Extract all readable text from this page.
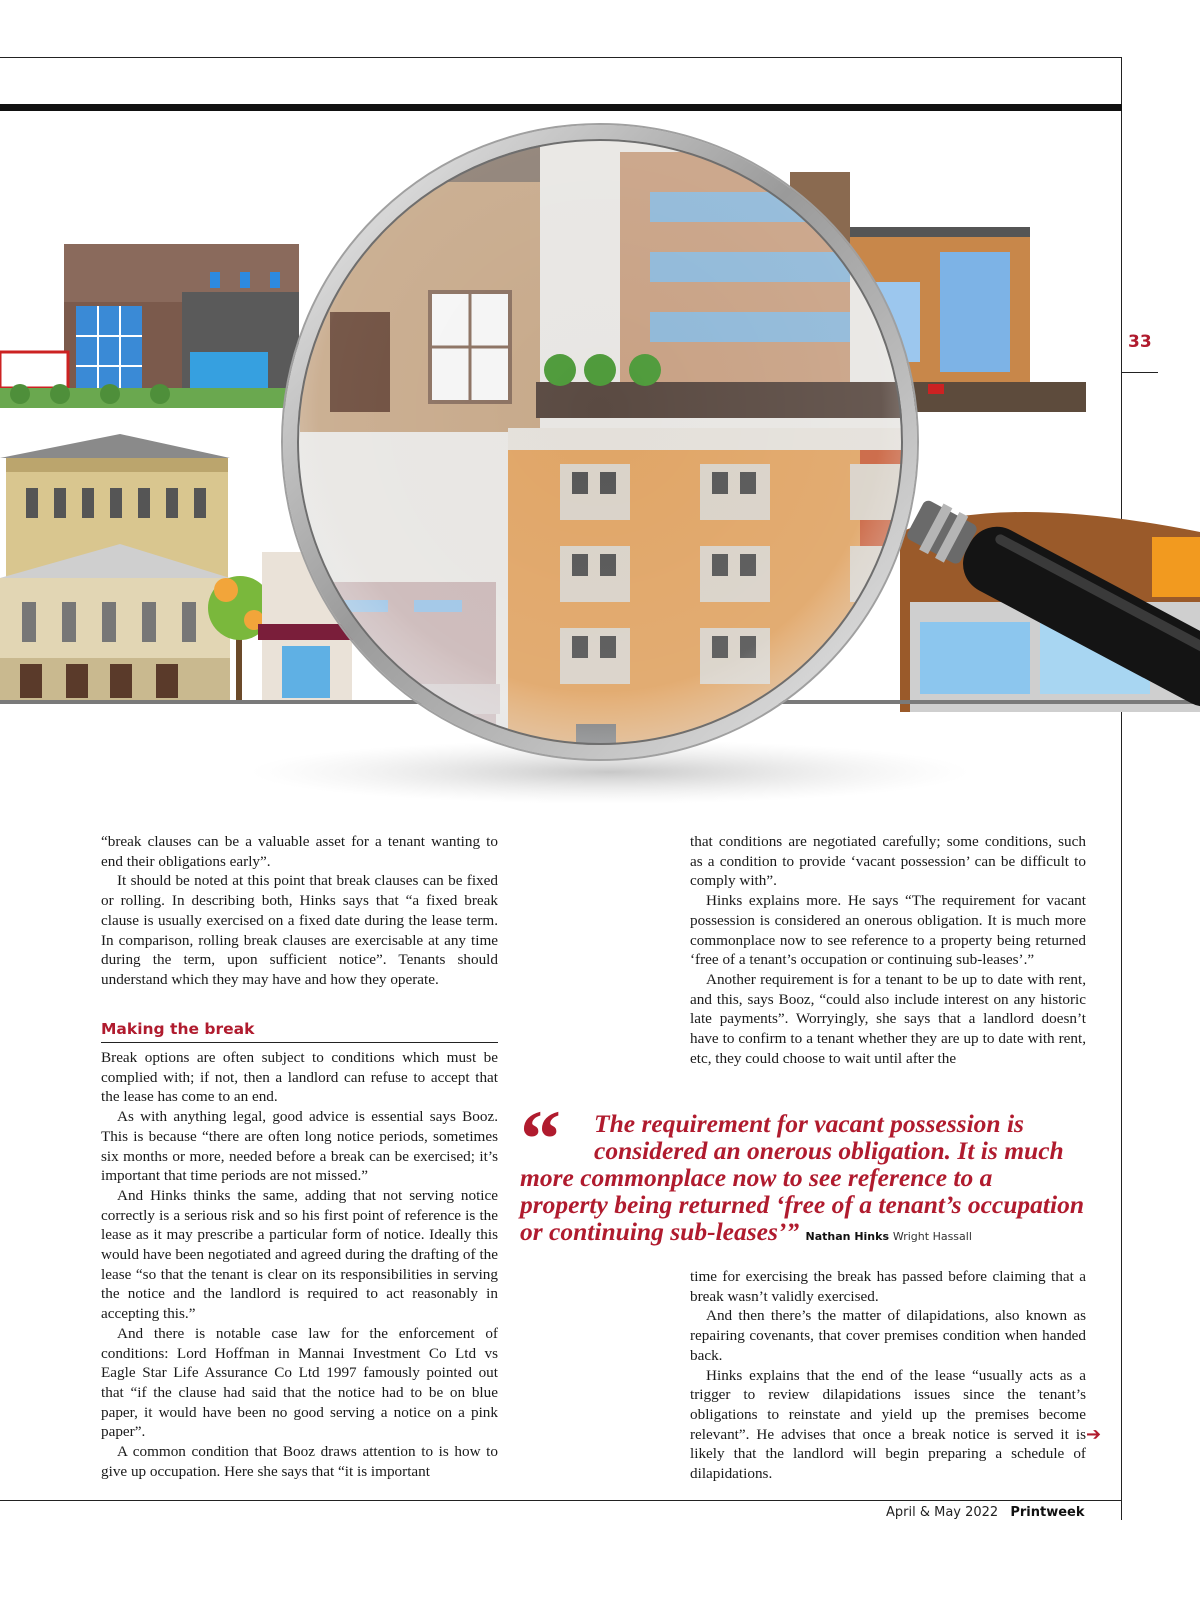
33

“break clauses can be a valuable asset for a tenant wanting to end their obligations early”.

It should be noted at this point that break clauses can be fixed or rolling. In describing both, Hinks says that “a fixed break clause is usually exercised on a fixed date during the lease term. In comparison, rolling break clauses are exercisable at any time during the term, upon sufficient notice”. Tenants should understand which they may have and how they operate.

Making the break

Break options are often subject to conditions which must be complied with; if not, then a landlord can refuse to accept that the lease has come to an end.

As with anything legal, good advice is essential says Booz. This is because “there are often long notice periods, sometimes six months or more, needed before a break can be exercised; it’s important that time periods are not missed.”

And Hinks thinks the same, adding that not serving notice correctly is a serious risk and so his first point of reference is the lease as it may prescribe a particular form of notice. Ideally this would have been negotiated and agreed during the drafting of the lease “so that the tenant is clear on its responsibilities in serving the notice and the landlord is required to act reasonably in accepting this.”

And there is notable case law for the enforcement of conditions: Lord Hoffman in Mannai Investment Co Ltd vs Eagle Star Life Assurance Co Ltd 1997 famously pointed out that “if the clause had said that the notice had to be on blue paper, it would have been no good serving a notice on a pink paper”.

A common condition that Booz draws attention to is how to give up occupation. Here she says that “it is important

that conditions are negotiated carefully; some conditions, such as a condition to provide ‘vacant possession’ can be difficult to comply with”.

Hinks explains more. He says “The requirement for vacant possession is considered an onerous obligation. It is much more commonplace now to see reference to a property being returned ‘free of a tenant’s occupation or continuing sub-leases’.”

Another requirement is for a tenant to be up to date with rent, and this, says Booz, “could also include interest on any historic late payments”. Worryingly, she says that a landlord doesn’t have to confirm to a tenant whether they are up to date with rent, etc, they could choose to wait until after the

“	The requirement for vacant possession is
considered an onerous obligation. It is much
more commonplace now to see reference to a
property being returned ‘free of a tenant’s occupation
or continuing sub-leases’” Nathan Hinks Wright Hassall

time for exercising the break has passed before claiming that a break wasn’t validly exercised.

And then there’s the matter of dilapidations, also known as repairing covenants, that cover premises condition when handed back.

Hinks explains that the end of the lease “usually acts as a trigger to review dilapidations issues since the tenant’s obligations to reinstate and yield up the premises become relevant”. He advises that once a break notice is served it is likely that the landlord will begin preparing a schedule of dilapidations.

➔
April & May 2022 Printweek
